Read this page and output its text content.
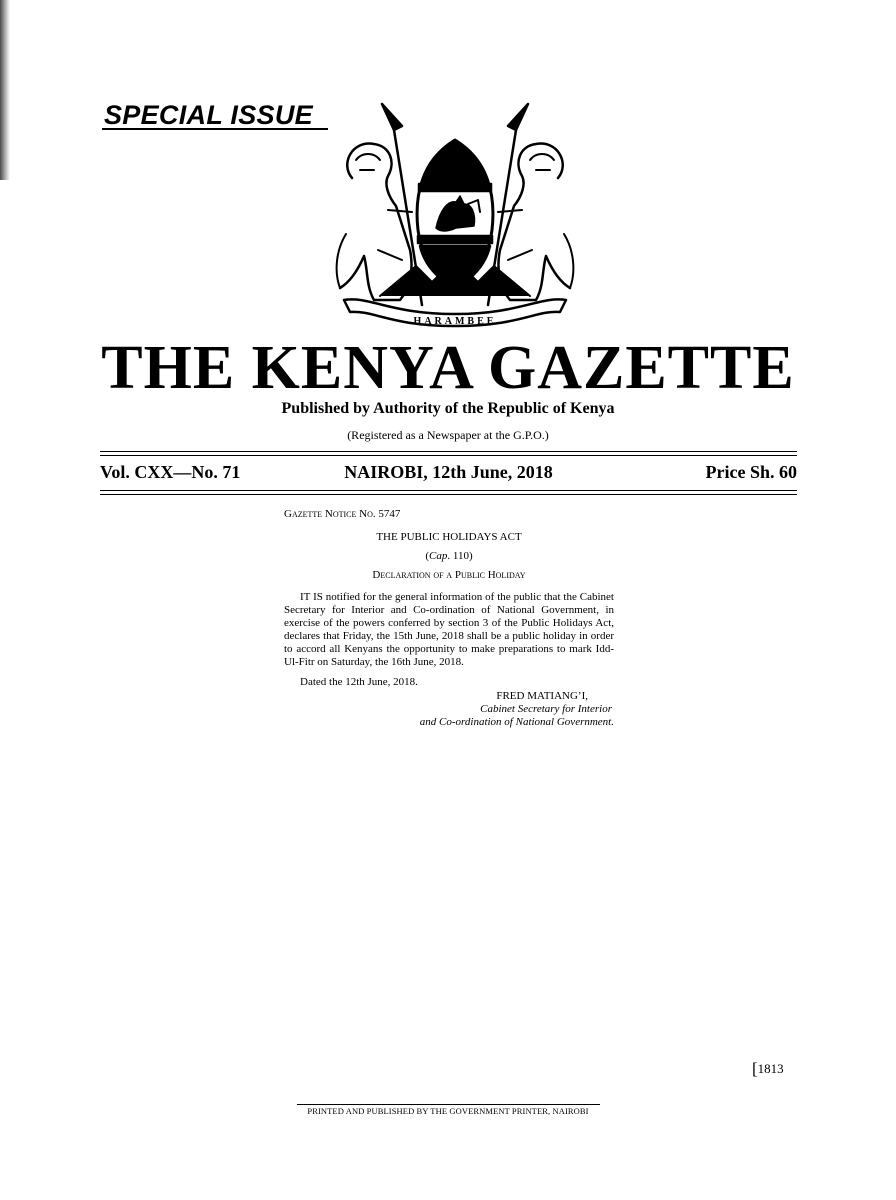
SPECIAL ISSUE
HARAMBEE
THE KENYA GAZETTE
Published by Authority of the Republic of Kenya
(Registered as a Newspaper at the G.P.O.)
Vol. CXX—No. 71	NAIROBI, 12th June, 2018	Price Sh. 60

Gazette Notice No. 5747

THE PUBLIC HOLIDAYS ACT

(Cap. 110)

Declaration of a Public Holiday

IT IS notified for the general information of the public that the Cabinet Secretary for Interior and Co-ordination of National Government, in exercise of the powers conferred by section 3 of the Public Holidays Act, declares that Friday, the 15th June, 2018 shall be a public holiday in order to accord all Kenyans the opportunity to make preparations to mark Idd-Ul-Fitr on Saturday, the 16th June, 2018.

Dated the 12th June, 2018.

FRED MATIANG’I,

Cabinet Secretary for Interior

and Co-ordination of National Government.

[1813
PRINTED AND PUBLISHED BY THE GOVERNMENT PRINTER, NAIROBI
